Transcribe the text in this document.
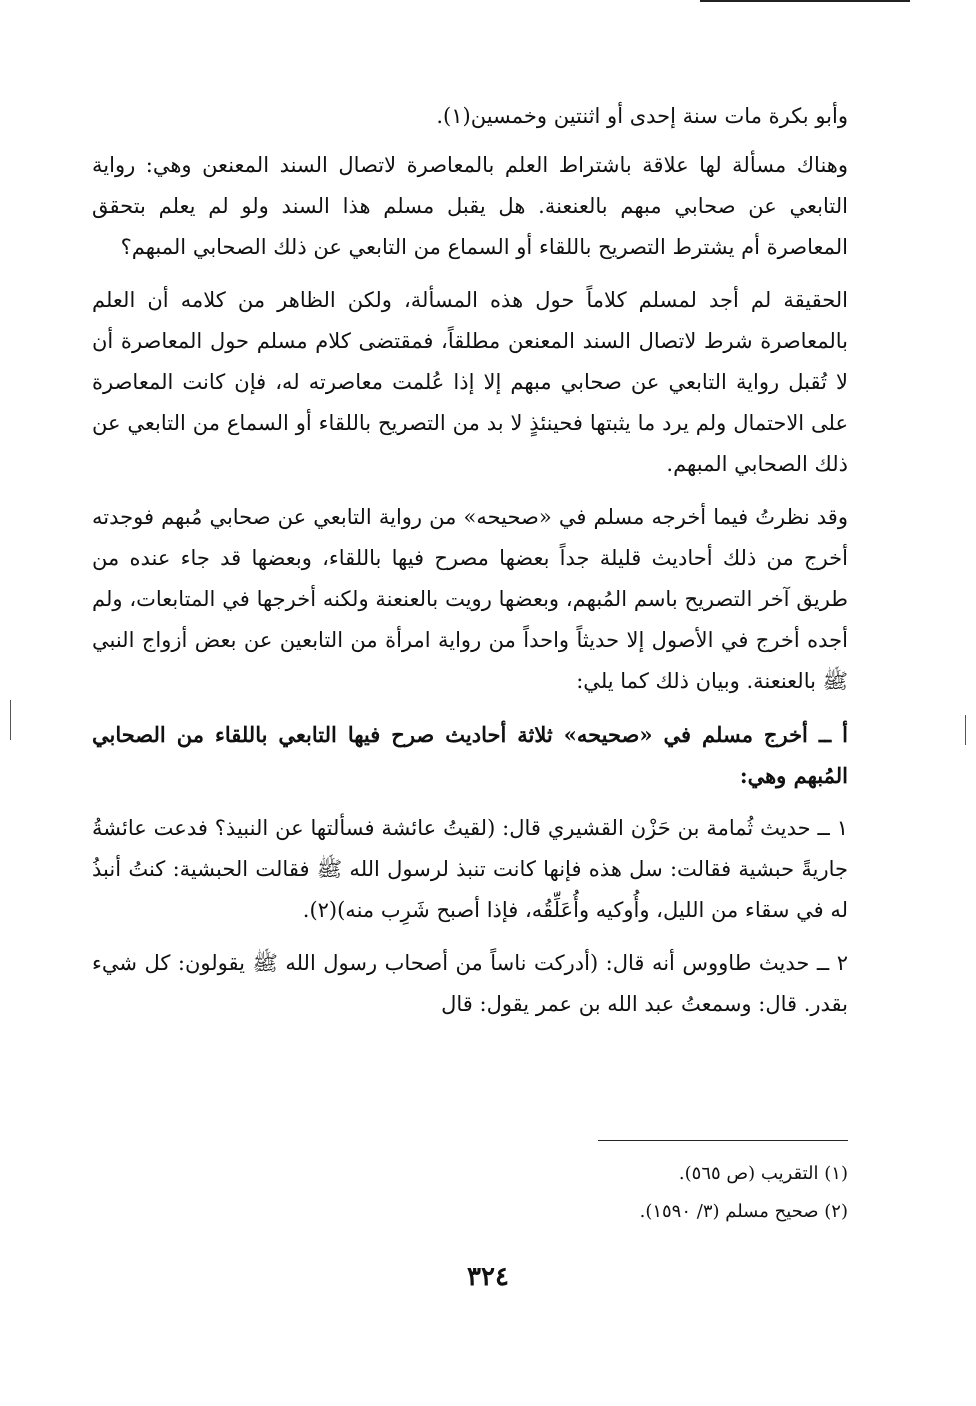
وأبو بكرة مات سنة إحدى أو اثنتين وخمسين(١).

وهناك مسألة لها علاقة باشتراط العلم بالمعاصرة لاتصال السند المعنعن وهي: رواية التابعي عن صحابي مبهم بالعنعنة. هل يقبل مسلم هذا السند ولو لم يعلم بتحقق المعاصرة أم يشترط التصريح باللقاء أو السماع من التابعي عن ذلك الصحابي المبهم؟

الحقيقة لم أجد لمسلم كلاماً حول هذه المسألة، ولكن الظاهر من كلامه أن العلم بالمعاصرة شرط لاتصال السند المعنعن مطلقاً، فمقتضى كلام مسلم حول المعاصرة أن لا تُقبل رواية التابعي عن صحابي مبهم إلا إذا عُلمت معاصرته له، فإن كانت المعاصرة على الاحتمال ولم يرد ما يثبتها فحينئذٍ لا بد من التصريح باللقاء أو السماع من التابعي عن ذلك الصحابي المبهم.

وقد نظرتُ فيما أخرجه مسلم في «صحيحه» من رواية التابعي عن صحابي مُبهم فوجدته أخرج من ذلك أحاديث قليلة جداً بعضها مصرح فيها باللقاء، وبعضها قد جاء عنده من طريق آخر التصريح باسم المُبهم، وبعضها رويت بالعنعنة ولكنه أخرجها في المتابعات، ولم أجده أخرج في الأصول إلا حديثاً واحداً من رواية امرأة من التابعين عن بعض أزواج النبي ﷺ بالعنعنة. وبيان ذلك كما يلي:

أ ــ أخرج مسلم في «صحيحه» ثلاثة أحاديث صرح فيها التابعي باللقاء من الصحابي المُبهم وهي:

١ ــ حديث ثُمامة بن حَزْن القشيري قال: (لقيتُ عائشة فسألتها عن النبيذ؟ فدعت عائشةُ جاريةً حبشية فقالت: سل هذه فإنها كانت تنبذ لرسول الله ﷺ فقالت الحبشية: كنتُ أنبذُ له في سقاء من الليل، وأُوكيه وأُعَلِّقُه، فإذا أصبح شَرِب منه)(٢).

٢ ــ حديث طاووس أنه قال: (أدركت ناساً من أصحاب رسول الله ﷺ يقولون: كل شيء بقدر. قال: وسمعتُ عبد الله بن عمر يقول: قال

(١) التقريب (ص ٥٦٥).

(٢) صحيح مسلم (٣/ ١٥٩٠).

٣٢٤
